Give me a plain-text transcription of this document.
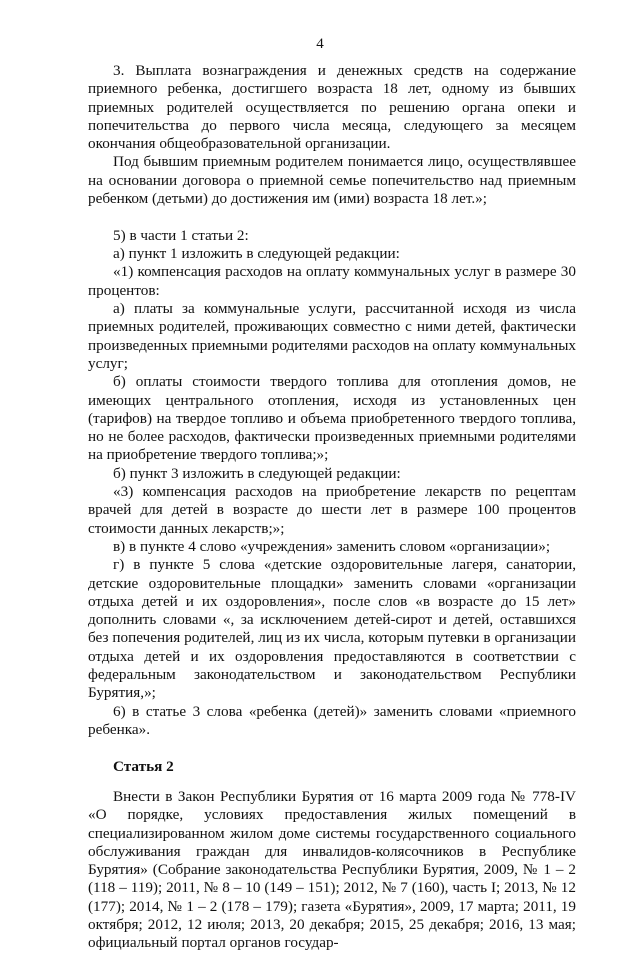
4

3. Выплата вознаграждения и денежных средств на содержание приемного ребенка, достигшего возраста 18 лет, одному из бывших приемных родителей осуществляется по решению органа опеки и попечительства до первого числа месяца, следующего за месяцем окончания общеобразовательной организации.

Под бывшим приемным родителем понимается лицо, осуществлявшее на основании договора о приемной семье попечительство над приемным ребенком (детьми) до достижения им (ими) возраста 18 лет.»;

5) в части 1 статьи 2:

а) пункт 1 изложить в следующей редакции:

«1) компенсация расходов на оплату коммунальных услуг в размере 30 процентов:

а) платы за коммунальные услуги, рассчитанной исходя из числа приемных родителей, проживающих совместно с ними детей, фактически произведенных приемными родителями расходов на оплату коммунальных услуг;

б) оплаты стоимости твердого топлива для отопления домов, не имеющих центрального отопления, исходя из установленных цен (тарифов) на твердое топливо и объема приобретенного твердого топлива, но не более расходов, фактически произведенных приемными родителями на приобретение твердого топлива;»;

б) пункт 3 изложить в следующей редакции:

«3) компенсация расходов на приобретение лекарств по рецептам врачей для детей в возрасте до шести лет в размере 100 процентов стоимости данных лекарств;»;

в) в пункте 4 слово «учреждения» заменить словом «организации»;

г) в пункте 5 слова «детские оздоровительные лагеря, санатории, детские оздоровительные площадки» заменить словами «организации отдыха детей и их оздоровления», после слов «в возрасте до 15 лет» дополнить словами «, за исключением детей-сирот и детей, оставшихся без попечения родителей, лиц из их числа, которым путевки в организации отдыха детей и их оздоровления предоставляются в соответствии с федеральным законодательством и законодательством Республики Бурятия,»;

6) в статье 3 слова «ребенка (детей)» заменить словами «приемного ребенка».

Статья 2

Внести в Закон Республики Бурятия от 16 марта 2009 года № 778-IV «О порядке, условиях предоставления жилых помещений в специализированном жилом доме системы государственного социального обслуживания граждан для инвалидов-колясочников в Республике Бурятия» (Собрание законодательства Республики Бурятия, 2009, № 1 – 2 (118 – 119); 2011, № 8 – 10 (149 – 151); 2012, № 7 (160), часть I; 2013, № 12 (177); 2014, № 1 – 2 (178 – 179); газета «Бурятия», 2009, 17 марта; 2011, 19 октября; 2012, 12 июля; 2013, 20 декабря; 2015, 25 декабря; 2016, 13 мая; официальный портал органов государ-
